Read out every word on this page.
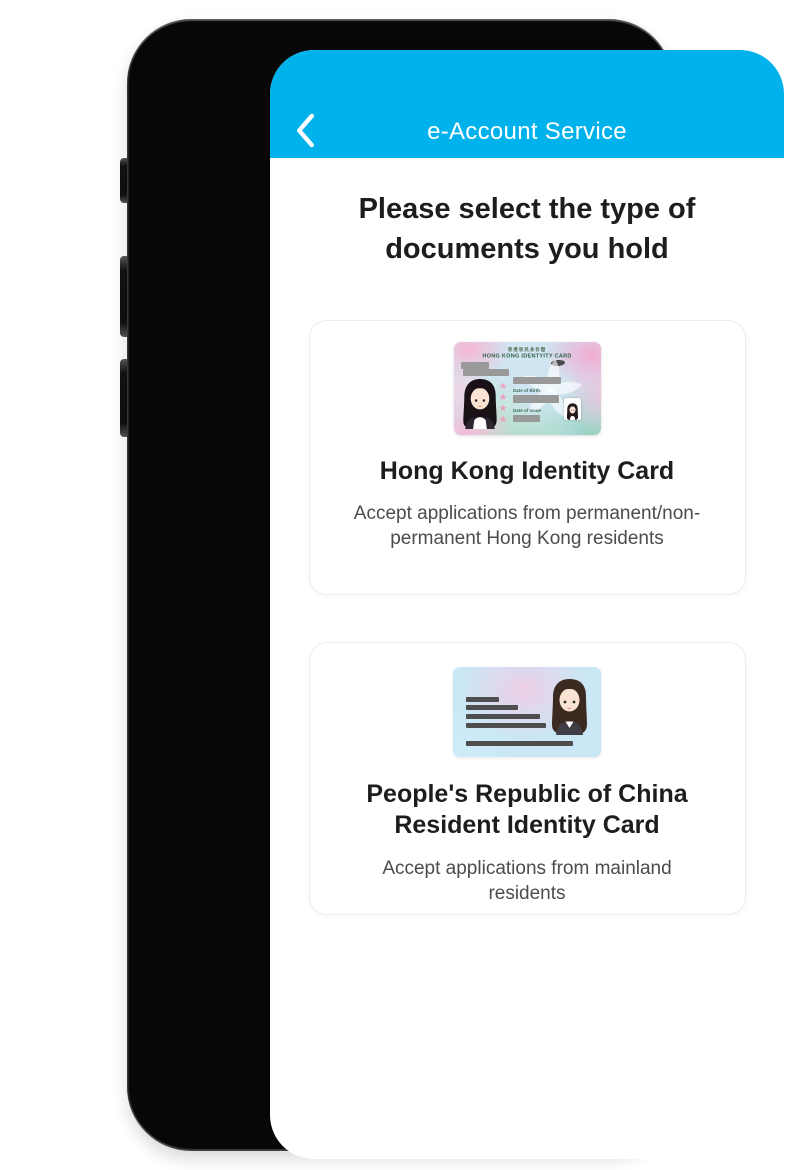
e-Account Service
Please select the type of documents you hold
香港居民身份證
HONG KONG IDENTYITY CARD
Date of Birth
Date of Issue
Hong Kong Identity Card
Accept applications from permanent/non-permanent Hong Kong residents
People's Republic of China Resident Identity Card
Accept applications from mainland residents
